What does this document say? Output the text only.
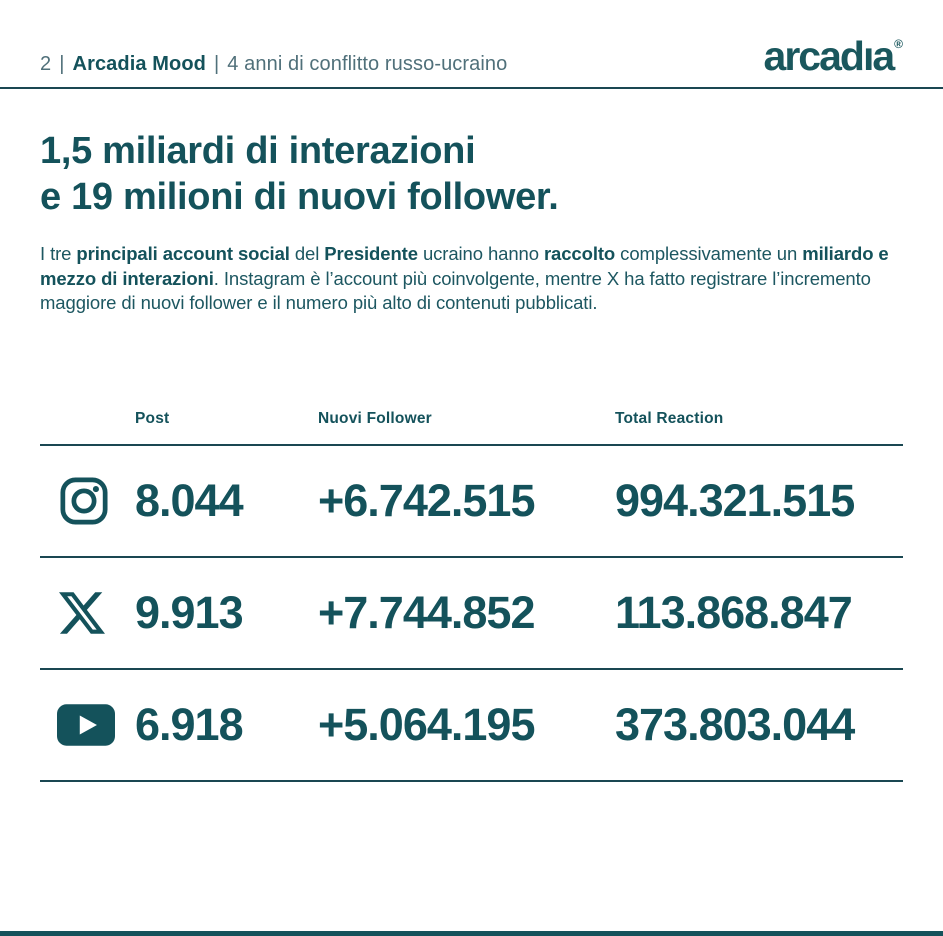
2 | Arcadia Mood | 4 anni di conflitto russo-ucraino	arcadıa®
1,5 miliardi di interazioni
e 19 milioni di nuovi follower.

I tre principali account social del Presidente ucraino hanno raccolto complessivamente un miliardo e mezzo di interazioni. Instagram è l’account più coinvolgente, mentre X ha fatto registrare l’incremento maggiore di nuovi follower e il numero più alto di contenuti pubblicati.

Post	Nuovi Follower	Total Reaction
8.044	+6.742.515	994.321.515
9.913	+7.744.852	113.868.847
6.918	+5.064.195	373.803.044
